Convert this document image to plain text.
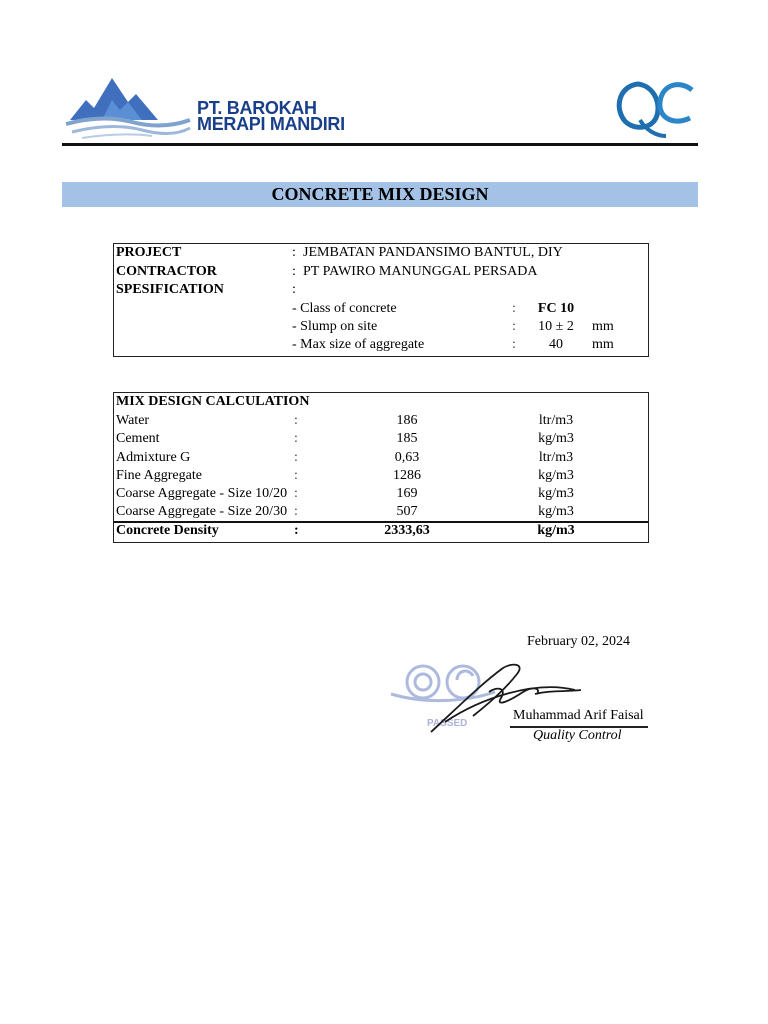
PT. BAROKAH
MERAPI MANDIRI
CONCRETE MIX DESIGN
PROJECT	: JEMBATAN PANDANSIMO BANTUL, DIY
CONTRACTOR	: PT PAWIRO MANUNGGAL PERSADA
SPESIFICATION	:
- Class of concrete	:	FC 10
- Slump on site	:	10 ± 2	mm
- Max size of aggregate	:	40	mm
MIX DESIGN CALCULATION
Water	:	186	ltr/m3
Cement	:	185	kg/m3
Admixture G	:	0,63	ltr/m3
Fine Aggregate	:	1286	kg/m3
Coarse Aggregate - Size 10/20 :	169	kg/m3
Coarse Aggregate - Size 20/30 :	507	kg/m3
Concrete Density	:	2333,63	kg/m3
February 02, 2024
PASSED
Muhammad Arif Faisal
Quality Control
